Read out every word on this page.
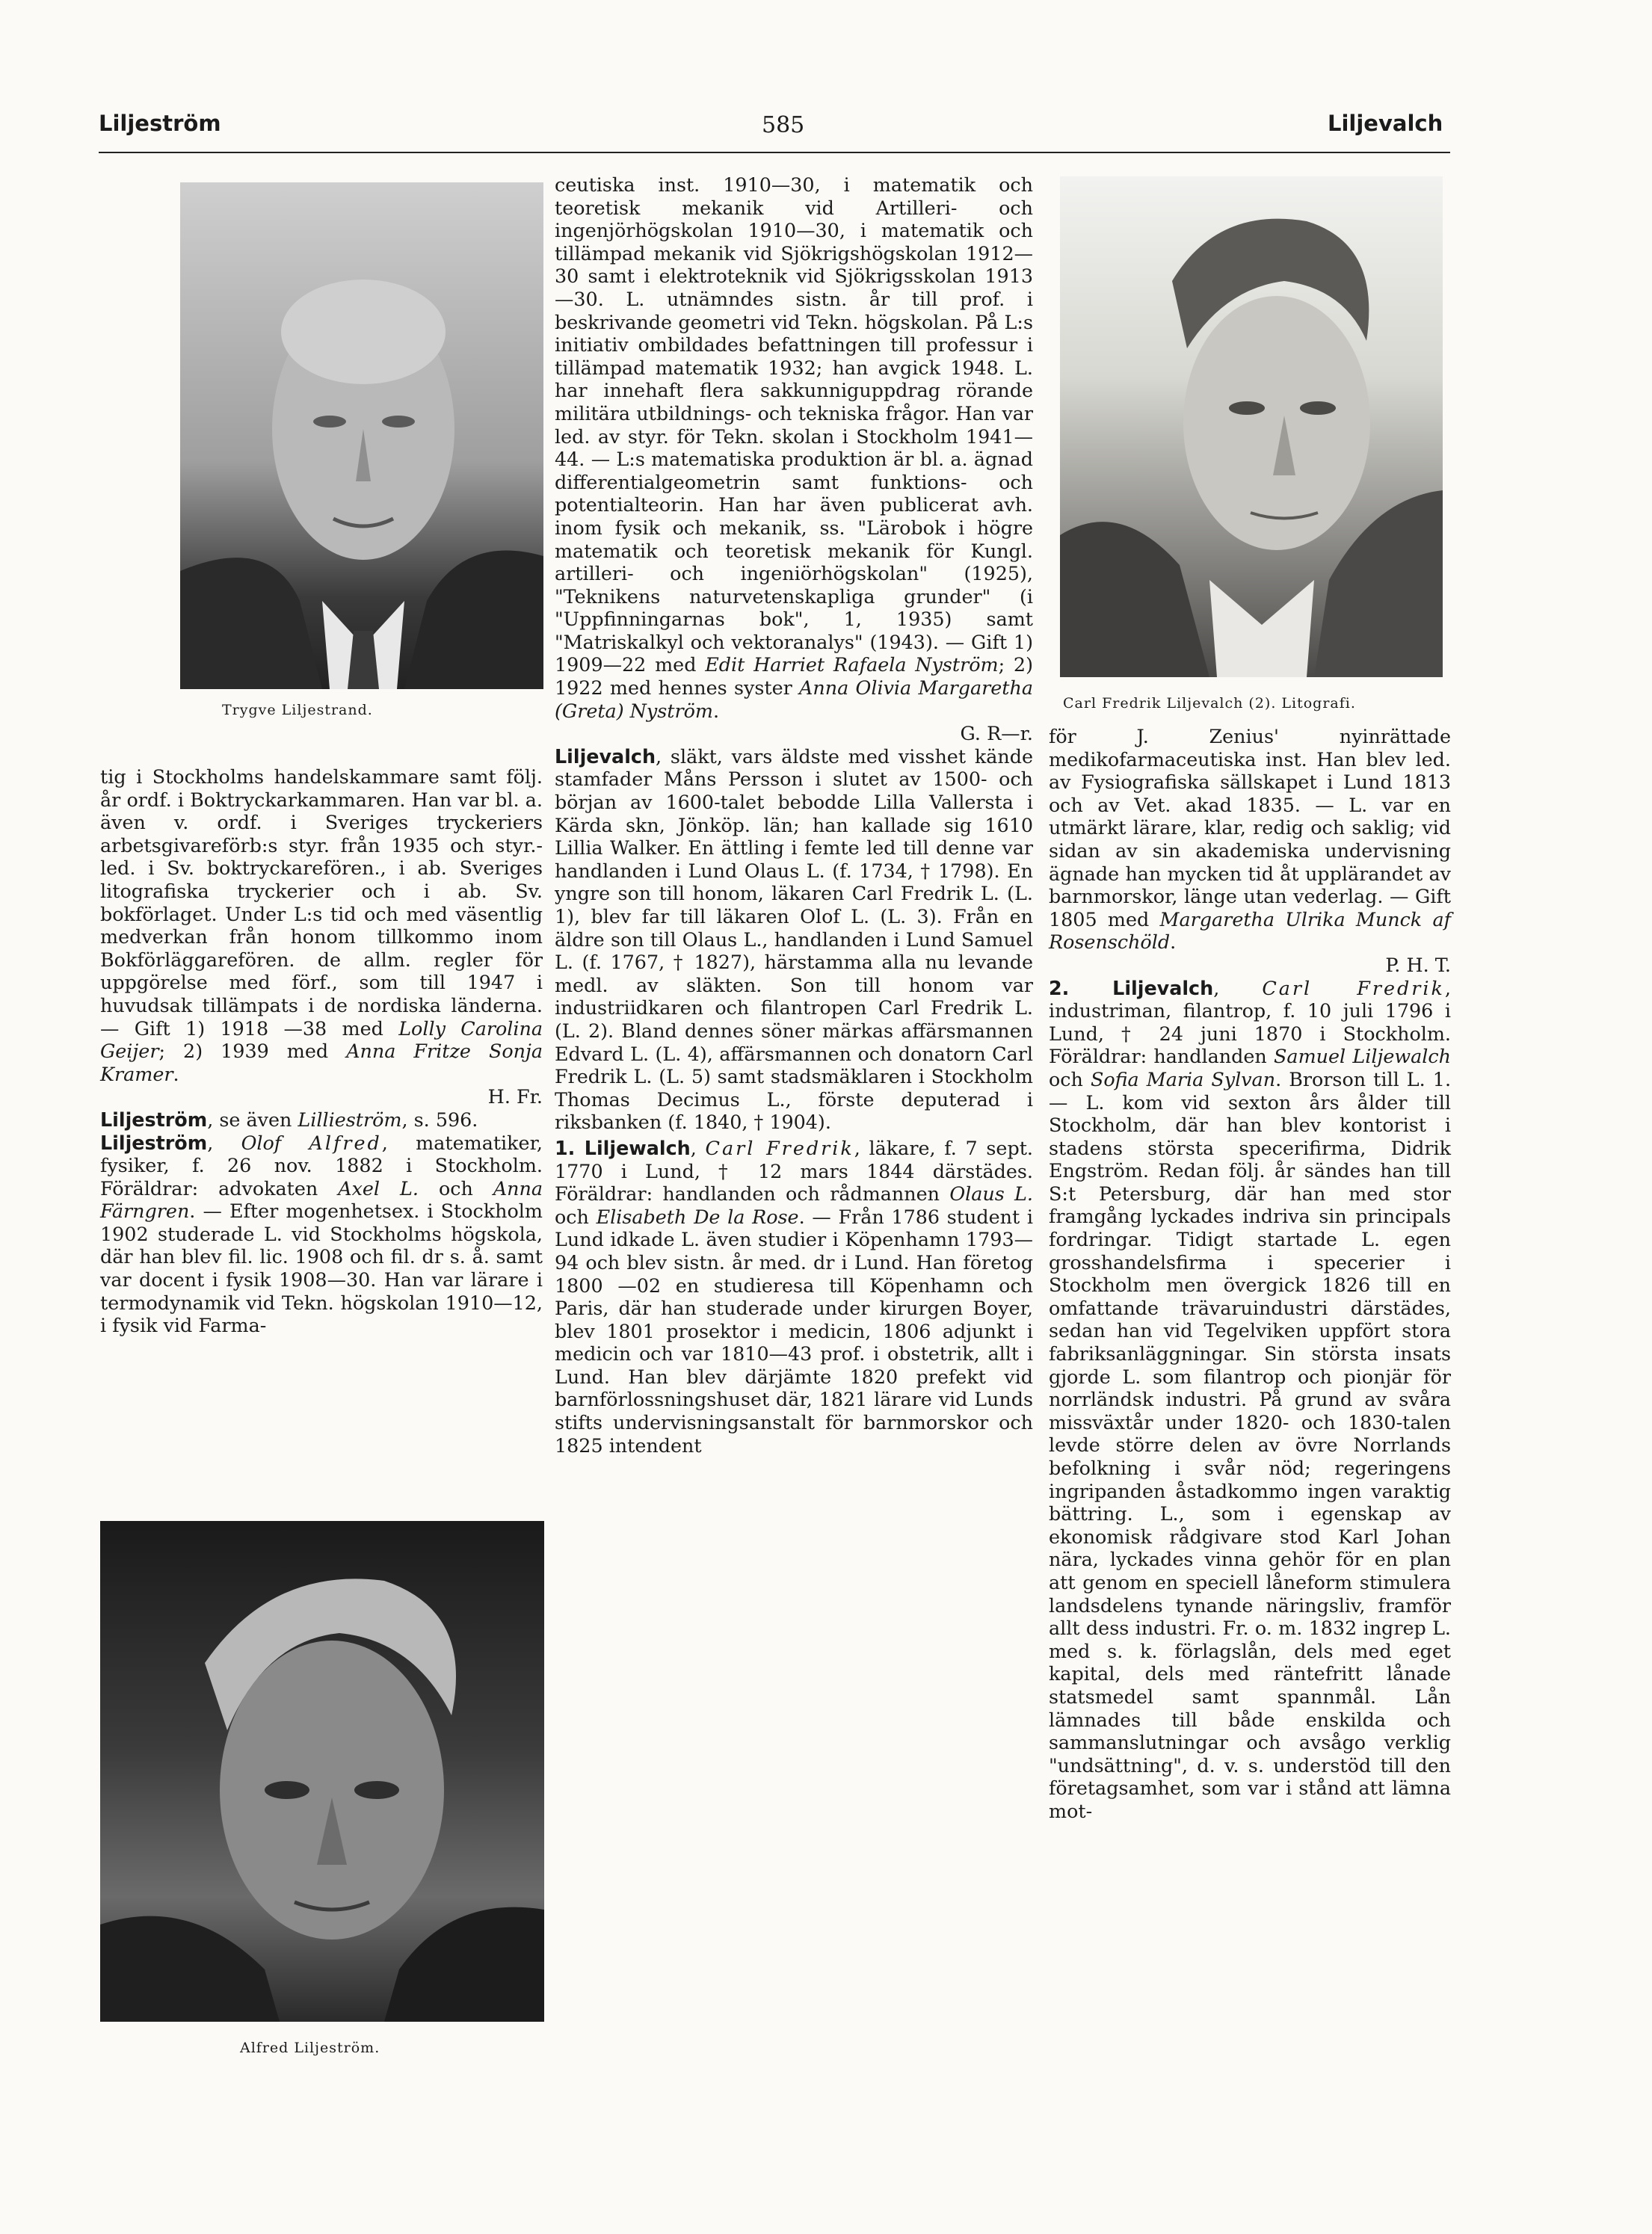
Liljeström	585	Liljevalch
Trygve Liljestrand.	Carl Fredrik Liljevalch (2). Litografi.
Alfred Liljeström.

tig i Stockholms handelskammare samt följ. år ordf. i Boktryckarkammaren. Han var bl. a. även v. ordf. i Sveriges tryckeriers arbetsgivareförb:s styr. från 1935 och styr.-led. i Sv. boktryckarefören., i ab. Sveriges litografiska tryckerier och i ab. Sv. bokförlaget. Under L:s tid och med väsentlig medverkan från honom tillkommo inom Bokförläggarefören. de allm. regler för uppgörelse med förf., som till 1947 i huvudsak tillämpats i de nordiska länderna. — Gift 1) 1918 —38 med Lolly Carolina Geijer; 2) 1939 med Anna Fritze Sonja Kramer.

H. Fr.

Liljeström, se även Lillieström, s. 596.

Liljeström, Olof Alfred, matematiker, fysiker, f. 26 nov. 1882 i Stockholm. Föräldrar: advokaten Axel L. och Anna Färngren. — Efter mogenhetsex. i Stockholm 1902 studerade L. vid Stockholms högskola, där han blev fil. lic. 1908 och fil. dr s. å. samt var docent i fysik 1908—30. Han var lärare i termodynamik vid Tekn. högskolan 1910—12, i fysik vid Farma-

ceutiska inst. 1910—30, i matematik och teoretisk mekanik vid Artilleri- och ingenjörhögskolan 1910—30, i matematik och tillämpad mekanik vid Sjökrigshögskolan 1912—30 samt i elektroteknik vid Sjökrigsskolan 1913—30. L. utnämndes sistn. år till prof. i beskrivande geometri vid Tekn. högskolan. På L:s initiativ ombildades befattningen till professur i tillämpad matematik 1932; han avgick 1948. L. har innehaft flera sakkunniguppdrag rörande militära utbildnings- och tekniska frågor. Han var led. av styr. för Tekn. skolan i Stockholm 1941—44. — L:s matematiska produktion är bl. a. ägnad differentialgeometrin samt funktions- och potentialteorin. Han har även publicerat avh. inom fysik och mekanik, ss. "Lärobok i högre matematik och teoretisk mekanik för Kungl. artilleri- och ingeniörhögskolan" (1925), "Teknikens naturvetenskapliga grunder" (i "Uppfinningarnas bok", 1, 1935) samt "Matriskalkyl och vektoranalys" (1943). — Gift 1) 1909—22 med Edit Harriet Rafaela Nyström; 2) 1922 med hennes syster Anna Olivia Margaretha (Greta) Nyström.

G. R—r.

Liljevalch, släkt, vars äldste med visshet kände stamfader Måns Persson i slutet av 1500- och början av 1600-talet bebodde Lilla Vallersta i Kärda skn, Jönköp. län; han kallade sig 1610 Lillia Walker. En ättling i femte led till denne var handlanden i Lund Olaus L. (f. 1734, † 1798). En yngre son till honom, läkaren Carl Fredrik L. (L. 1), blev far till läkaren Olof L. (L. 3). Från en äldre son till Olaus L., handlanden i Lund Samuel L. (f. 1767, † 1827), härstamma alla nu levande medl. av släkten. Son till honom var industriidkaren och filantropen Carl Fredrik L. (L. 2). Bland dennes söner märkas affärsmannen Edvard L. (L. 4), affärsmannen och donatorn Carl Fredrik L. (L. 5) samt stadsmäklaren i Stockholm Thomas Decimus L., förste deputerad i riksbanken (f. 1840, † 1904).

1. Liljewalch, Carl Fredrik, läkare, f. 7 sept. 1770 i Lund, † 12 mars 1844 därstädes. Föräldrar: handlanden och rådmannen Olaus L. och Elisabeth De la Rose. — Från 1786 student i Lund idkade L. även studier i Köpenhamn 1793—94 och blev sistn. år med. dr i Lund. Han företog 1800 —02 en studieresa till Köpenhamn och Paris, där han studerade under kirurgen Boyer, blev 1801 prosektor i medicin, 1806 adjunkt i medicin och var 1810—43 prof. i obstetrik, allt i Lund. Han blev därjämte 1820 prefekt vid barnförlossningshuset där, 1821 lärare vid Lunds stifts undervisningsanstalt för barnmorskor och 1825 intendent

för J. Zenius' nyinrättade medikofarmaceutiska inst. Han blev led. av Fysiografiska sällskapet i Lund 1813 och av Vet. akad 1835. — L. var en utmärkt lärare, klar, redig och saklig; vid sidan av sin akademiska undervisning ägnade han mycken tid åt upplärandet av barnmorskor, länge utan vederlag. — Gift 1805 med Margaretha Ulrika Munck af Rosenschöld.

P. H. T.

2. Liljevalch, Carl Fredrik, industriman, filantrop, f. 10 juli 1796 i Lund, † 24 juni 1870 i Stockholm. Föräldrar: handlanden Samuel Liljewalch och Sofia Maria Sylvan. Brorson till L. 1. — L. kom vid sexton års ålder till Stockholm, där han blev kontorist i stadens största specerifirma, Didrik Engström. Redan följ. år sändes han till S:t Petersburg, där han med stor framgång lyckades indriva sin principals fordringar. Tidigt startade L. egen grosshandelsfirma i specerier i Stockholm men övergick 1826 till en omfattande trävaruindustri därstädes, sedan han vid Tegelviken uppfört stora fabriksanläggningar. Sin största insats gjorde L. som filantrop och pionjär för norrländsk industri. På grund av svåra missväxtår under 1820- och 1830-talen levde större delen av övre Norrlands befolkning i svår nöd; regeringens ingripanden åstadkommo ingen varaktig bättring. L., som i egenskap av ekonomisk rådgivare stod Karl Johan nära, lyckades vinna gehör för en plan att genom en speciell låneform stimulera landsdelens tynande näringsliv, framför allt dess industri. Fr. o. m. 1832 ingrep L. med s. k. förlagslån, dels med eget kapital, dels med räntefritt lånade statsmedel samt spannmål. Lån lämnades till både enskilda och sammanslutningar och avsågo verklig "undsättning", d. v. s. understöd till den företagsamhet, som var i stånd att lämna mot-
